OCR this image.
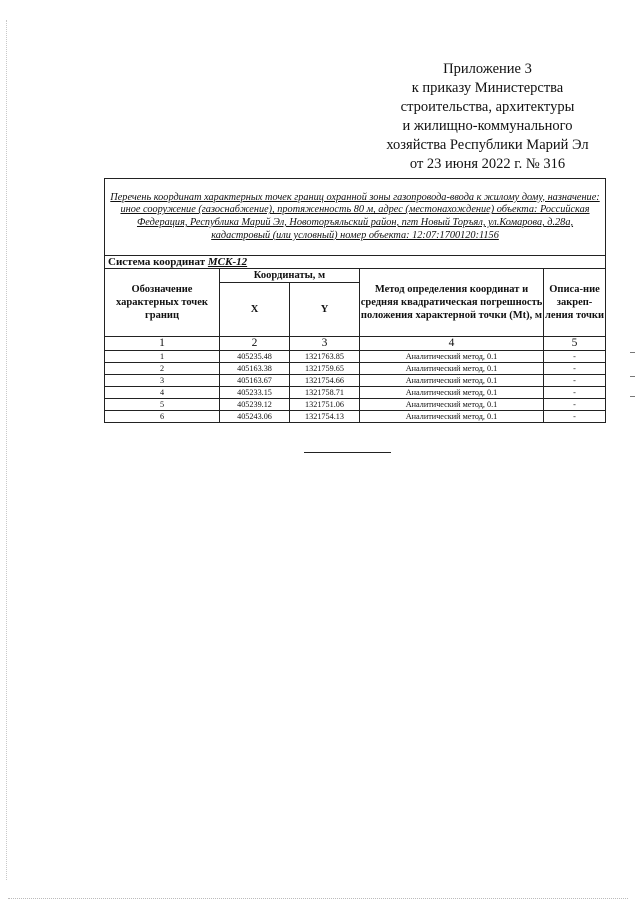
Приложение 3
к приказу Министерства
строительства, архитектуры
и жилищно-коммунального
хозяйства Республики Марий Эл
от 23 июня 2022 г. № 316
Перечень координат характерных точек границ охранной зоны газопровода-ввода к жилому дому, назначение: иное сооружение (газоснабжение), протяженность 80 м, адрес (местонахождение) объекта: Российская Федерация, Республика Марий Эл, Новоторъяльский район, пгт Новый Торъял, ул.Комарова, д.28а, кадастровый (или условный) номер объекта: 12:07:1700120:1156				
Система координат МСК-12				
Обозначение характерных точек границ	Координаты, м		Метод определения координат и средняя квадратическая погрешность положения характерной точки (Mt), м	Описа-ние закреп-ления точки
	X	Y		
1	2	3	4	5
1	405235.48	1321763.85	Аналитический метод, 0.1	-
2	405163.38	1321759.65	Аналитический метод, 0.1	-
3	405163.67	1321754.66	Аналитический метод, 0.1	-
4	405233.15	1321758.71	Аналитический метод, 0.1	-
5	405239.12	1321751.06	Аналитический метод, 0.1	-
6	405243.06	1321754.13	Аналитический метод, 0.1	-
